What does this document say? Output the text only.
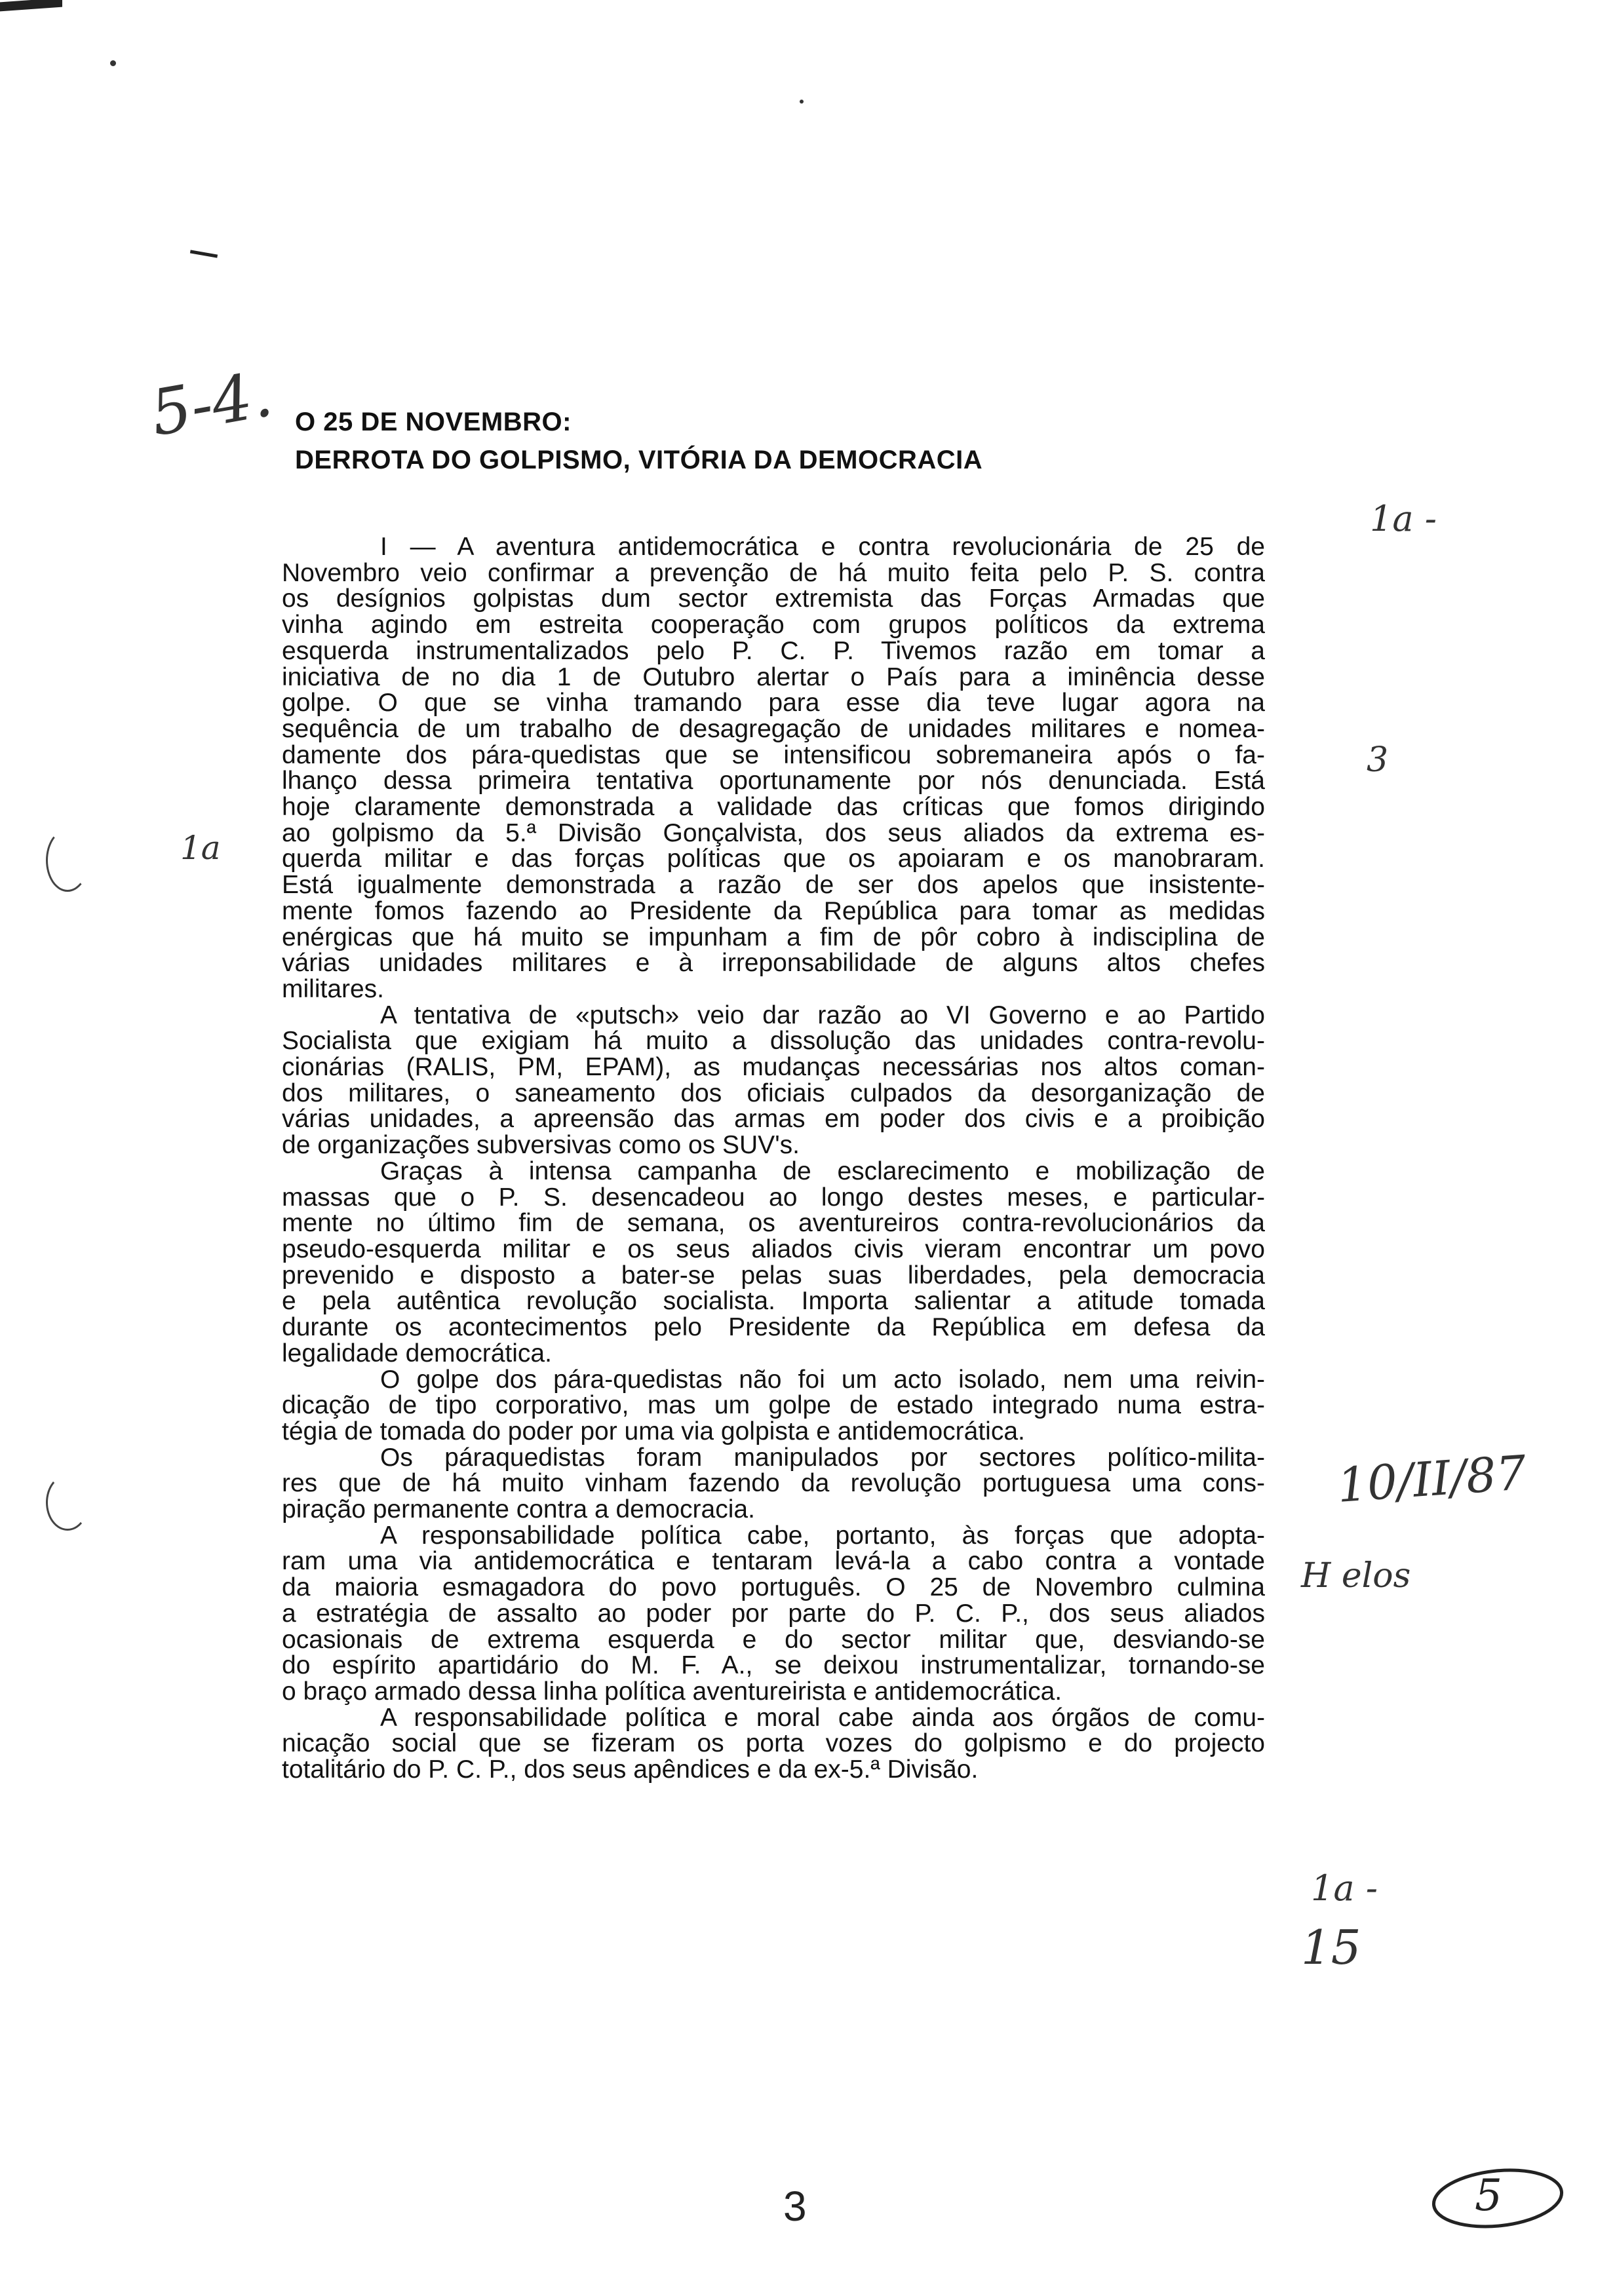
5-4.
1a -
3
1a
10/II/87
H elos
1a -
15
O 25 DE NOVEMBRO:
DERROTA DO GOLPISMO, VITÓRIA DA DEMOCRACIA
I — A aventura antidemocrática e contra revolucionária de 25 de
Novembro veio confirmar a prevenção de há muito feita pelo P. S. contra
os desígnios golpistas dum sector extremista das Forças Armadas que
vinha agindo em estreita cooperação com grupos políticos da extrema
esquerda instrumentalizados pelo P. C. P. Tivemos razão em tomar a
iniciativa de no dia 1 de Outubro alertar o País para a iminência desse
golpe. O que se vinha tramando para esse dia teve lugar agora na
sequência de um trabalho de desagregação de unidades militares e nomea-
damente dos pára-quedistas que se intensificou sobremaneira após o fa-
lhanço dessa primeira tentativa oportunamente por nós denunciada. Está
hoje claramente demonstrada a validade das críticas que fomos dirigindo
ao golpismo da 5.ª Divisão Gonçalvista, dos seus aliados da extrema es-
querda militar e das forças políticas que os apoiaram e os manobraram.
Está igualmente demonstrada a razão de ser dos apelos que insistente-
mente fomos fazendo ao Presidente da República para tomar as medidas
enérgicas que há muito se impunham a fim de pôr cobro à indisciplina de
várias unidades militares e à irreponsabilidade de alguns altos chefes
militares.
A tentativa de «putsch» veio dar razão ao VI Governo e ao Partido
Socialista que exigiam há muito a dissolução das unidades contra-revolu-
cionárias (RALIS, PM, EPAM), as mudanças necessárias nos altos coman-
dos militares, o saneamento dos oficiais culpados da desorganização de
várias unidades, a apreensão das armas em poder dos civis e a proibição
de organizações subversivas como os SUV's.
Graças à intensa campanha de esclarecimento e mobilização de
massas que o P. S. desencadeou ao longo destes meses, e particular-
mente no último fim de semana, os aventureiros contra-revolucionários da
pseudo-esquerda militar e os seus aliados civis vieram encontrar um povo
prevenido e disposto a bater-se pelas suas liberdades, pela democracia
e pela autêntica revolução socialista. Importa salientar a atitude tomada
durante os acontecimentos pelo Presidente da República em defesa da
legalidade democrática.
O golpe dos pára-quedistas não foi um acto isolado, nem uma reivin-
dicação de tipo corporativo, mas um golpe de estado integrado numa estra-
tégia de tomada do poder por uma via golpista e antidemocrática.
Os páraquedistas foram manipulados por sectores político-milita-
res que de há muito vinham fazendo da revolução portuguesa uma cons-
piração permanente contra a democracia.
A responsabilidade política cabe, portanto, às forças que adopta-
ram uma via antidemocrática e tentaram levá-la a cabo contra a vontade
da maioria esmagadora do povo português. O 25 de Novembro culmina
a estratégia de assalto ao poder por parte do P. C. P., dos seus aliados
ocasionais de extrema esquerda e do sector militar que, desviando-se
do espírito apartidário do M. F. A., se deixou instrumentalizar, tornando-se
o braço armado dessa linha política aventureirista e antidemocrática.
A responsabilidade política e moral cabe ainda aos órgãos de comu-
nicação social que se fizeram os porta vozes do golpismo e do projecto
totalitário do P. C. P., dos seus apêndices e da ex-5.ª Divisão.
3	5
